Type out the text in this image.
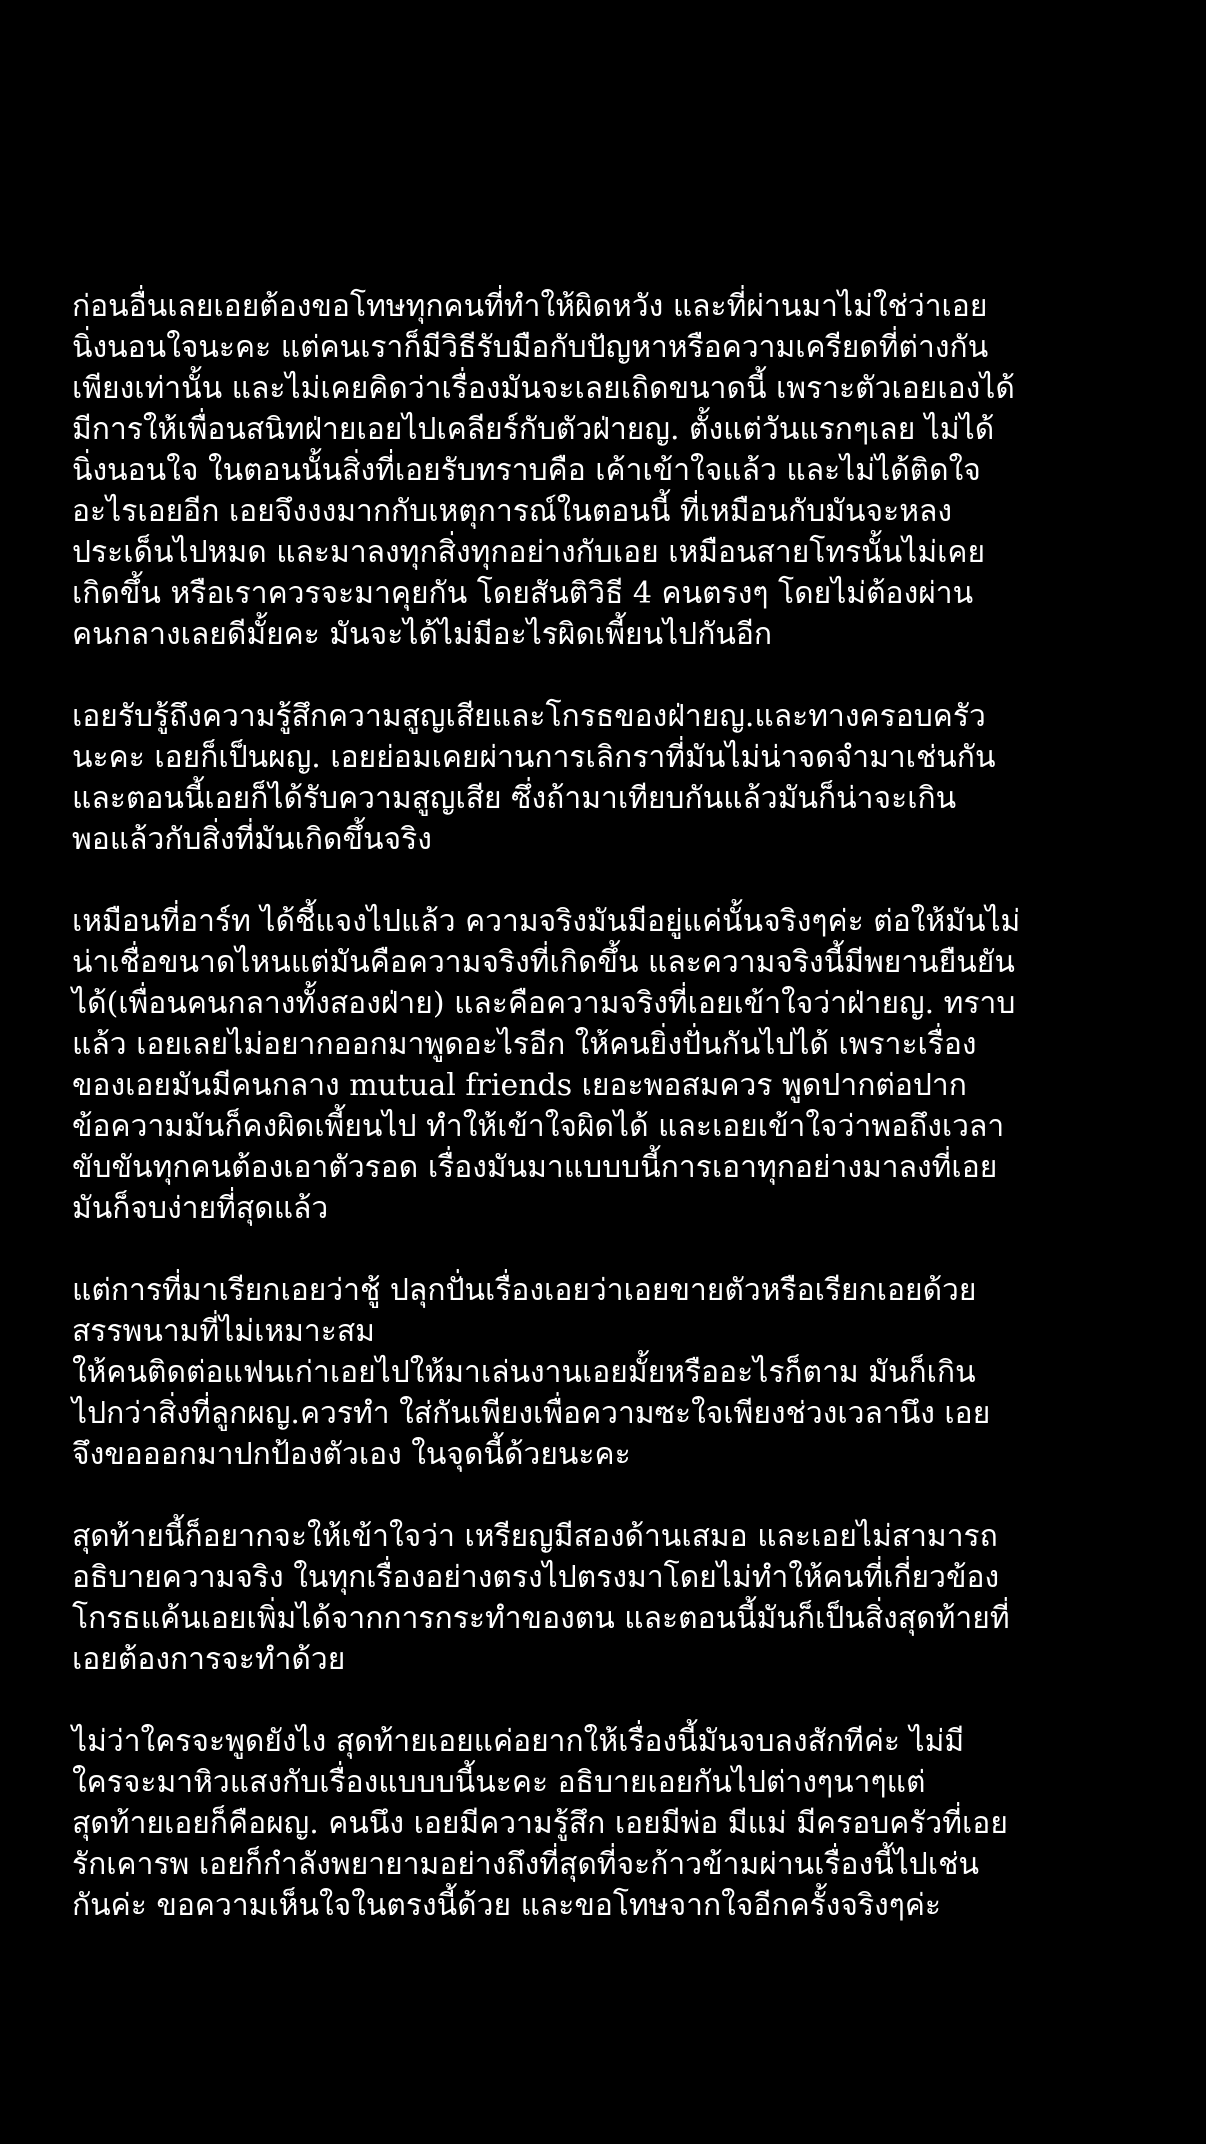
ก่อนอื่นเลยเอยต้องขอโทษทุกคนที่ทำให้ผิดหวัง และที่ผ่านมาไม่ใช่ว่าเอย
นิ่งนอนใจนะคะ แต่คนเราก็มีวิธีรับมือกับปัญหาหรือความเครียดที่ต่างกัน
เพียงเท่านั้น และไม่เคยคิดว่าเรื่องมันจะเลยเถิดขนาดนี้ เพราะตัวเอยเองได้
มีการให้เพื่อนสนิทฝ่ายเอยไปเคลียร์กับตัวฝ่ายญ. ตั้งแต่วันแรกๆเลย ไม่ได้
นิ่งนอนใจ ในตอนนั้นสิ่งที่เอยรับทราบคือ เค้าเข้าใจแล้ว และไม่ได้ติดใจ
อะไรเอยอีก เอยจึงงงมากกับเหตุการณ์ในตอนนี้ ที่เหมือนกับมันจะหลง
ประเด็นไปหมด และมาลงทุกสิ่งทุกอย่างกับเอย เหมือนสายโทรนั้นไม่เคย
เกิดขึ้น หรือเราควรจะมาคุยกัน โดยสันติวิธี 4 คนตรงๆ โดยไม่ต้องผ่าน
คนกลางเลยดีมั้ยคะ มันจะได้ไม่มีอะไรผิดเพี้ยนไปกันอีก
เอยรับรู้ถึงความรู้สึกความสูญเสียและโกรธของฝ่ายญ.และทางครอบครัว
นะคะ เอยก็เป็นผญ. เอยย่อมเคยผ่านการเลิกราที่มันไม่น่าจดจำมาเช่นกัน
และตอนนี้เอยก็ได้รับความสูญเสีย ซึ่งถ้ามาเทียบกันแล้วมันก็น่าจะเกิน
พอแล้วกับสิ่งที่มันเกิดขึ้นจริง
เหมือนที่อาร์ท ได้ชี้แจงไปแล้ว ความจริงมันมีอยู่แค่นั้นจริงๆค่ะ ต่อให้มันไม่
น่าเชื่อขนาดไหนแต่มันคือความจริงที่เกิดขึ้น และความจริงนี้มีพยานยืนยัน
ได้(เพื่อนคนกลางทั้งสองฝ่าย) และคือความจริงที่เอยเข้าใจว่าฝ่ายญ. ทราบ
แล้ว เอยเลยไม่อยากออกมาพูดอะไรอีก ให้คนยิ่งปั่นกันไปได้ เพราะเรื่อง
ของเอยมันมีคนกลาง mutual friends เยอะพอสมควร พูดปากต่อปาก
ข้อความมันก็คงผิดเพี้ยนไป ทำให้เข้าใจผิดได้ และเอยเข้าใจว่าพอถึงเวลา
ขับขันทุกคนต้องเอาตัวรอด เรื่องมันมาแบบบนี้การเอาทุกอย่างมาลงที่เอย
มันก็จบง่ายที่สุดแล้ว
แต่การที่มาเรียกเอยว่าชู้ ปลุกปั่นเรื่องเอยว่าเอยขายตัวหรือเรียกเอยด้วย
สรรพนามที่ไม่เหมาะสม
ให้คนติดต่อแฟนเก่าเอยไปให้มาเล่นงานเอยมั้ยหรืออะไรก็ตาม มันก็เกิน
ไปกว่าสิ่งที่ลูกผญ.ควรทำ ใส่กันเพียงเพื่อความซะใจเพียงช่วงเวลานึง เอย
จึงขอออกมาปกป้องตัวเอง ในจุดนี้ด้วยนะคะ
สุดท้ายนี้ก็อยากจะให้เข้าใจว่า เหรียญมีสองด้านเสมอ และเอยไม่สามารถ
อธิบายความจริง ในทุกเรื่องอย่างตรงไปตรงมาโดยไม่ทำให้คนที่เกี่ยวข้อง
โกรธแค้นเอยเพิ่มได้จากการกระทำของตน และตอนนี้มันก็เป็นสิ่งสุดท้ายที่
เอยต้องการจะทำด้วย
ไม่ว่าใครจะพูดยังไง สุดท้ายเอยแค่อยากให้เรื่องนี้มันจบลงสักทีค่ะ ไม่มี
ใครจะมาหิวแสงกับเรื่องแบบบนี้นะคะ อธิบายเอยกันไปต่างๆนาๆแต่
สุดท้ายเอยก็คือผญ. คนนึง เอยมีความรู้สึก เอยมีพ่อ มีแม่ มีครอบครัวที่เอย
รักเคารพ เอยก็กำลังพยายามอย่างถึงที่สุดที่จะก้าวข้ามผ่านเรื่องนี้ไปเช่น
กันค่ะ ขอความเห็นใจในตรงนี้ด้วย และขอโทษจากใจอีกครั้งจริงๆค่ะ
